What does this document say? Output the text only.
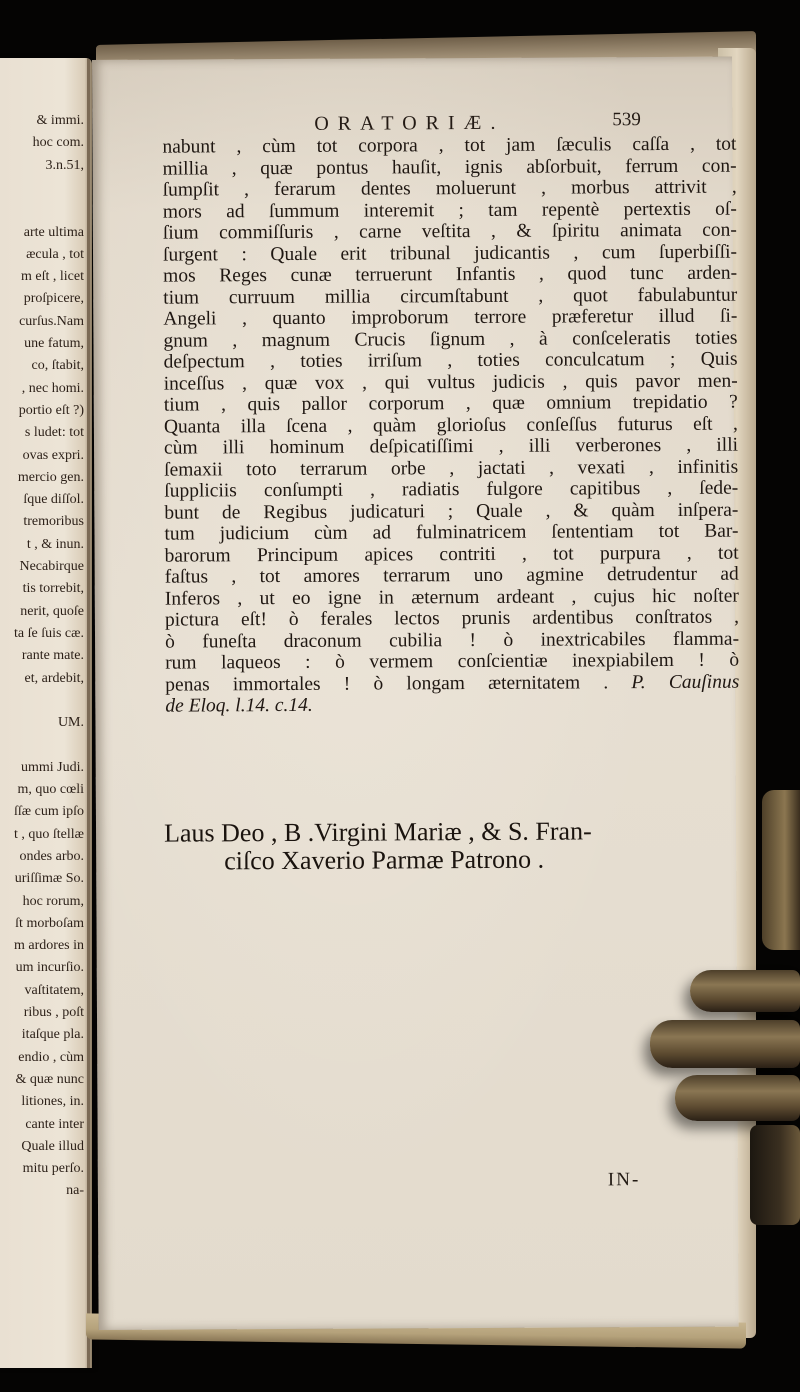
& immi.
hoc com.
3.n.51,
arte ultima
æcula , tot
m eſt , licet
proſpicere,
curſus.Nam
une fatum,
co, ſtabit,
, nec homi.
portio eſt ?)
s ludet: tot
ovas expri.
mercio gen.
ſque diſſol.
tremoribus
t , & inun.
Necabirque
tis torrebit,
nerit, quoſe
ta ſe ſuis cæ.
rante mate.
et, ardebit,
UM.
ummi Judi.
m, quo cœli
ſſæ cum ipſo
t , quo ſtellæ
ondes arbo.
uriſſimæ So.
hoc rorum,
ſt morboſam
m ardores in
um incurſio.
vaſtitatem,
ribus , poſt
itaſque pla.
endio , cùm
& quæ nunc
litiones, in.
cante inter
Quale illud
mitu perſo.
na-
ORATORIÆ.	539
nabunt , cùm tot corpora , tot jam ſæculis caſſa , tot
millia , quæ pontus hauſit, ignis abſorbuit, ferrum con-
ſumpſit , ferarum dentes moluerunt , morbus attrivit ,
mors ad ſummum interemit ; tam repentè pertextis oſ-
ſium commiſſuris , carne veſtita , & ſpiritu animata con-
ſurgent : Quale erit tribunal judicantis , cum ſuperbiſſi-
mos Reges cunæ terruerunt Infantis , quod tunc arden-
tium curruum millia circumſtabunt , quot fabulabuntur
Angeli , quanto improborum terrore præferetur illud ſi-
gnum , magnum Crucis ſignum , à conſceleratis toties
deſpectum , toties irriſum , toties conculcatum ; Quis
inceſſus , quæ vox , qui vultus judicis , quis pavor men-
tium , quis pallor corporum , quæ omnium trepidatio ?
Quanta illa ſcena , quàm glorioſus conſeſſus futurus eſt ,
cùm illi hominum deſpicatiſſimi , illi verberones , illi
ſemaxii toto terrarum orbe , jactati , vexati , infinitis
ſuppliciis conſumpti , radiatis fulgore capitibus , ſede-
bunt de Regibus judicaturi ; Quale , & quàm inſpera-
tum judicium cùm ad fulminatricem ſententiam tot Bar-
barorum Principum apices contriti , tot purpura , tot
faſtus , tot amores terrarum uno agmine detrudentur ad
Inferos , ut eo igne in æternum ardeant , cujus hic noſter
pictura eſt! ò ferales lectos prunis ardentibus conſtratos ,
ò funeſta draconum cubilia ! ò inextricabiles flamma-
rum laqueos : ò vermem conſcientiæ inexpiabilem ! ò
penas immortales ! ò longam æternitatem . P. Cauſinus
de Eloq. l.14. c.14.
Laus Deo , B .Virgini Mariæ , & S. Fran-
ciſco Xaverio Parmæ Patrono .
IN-
